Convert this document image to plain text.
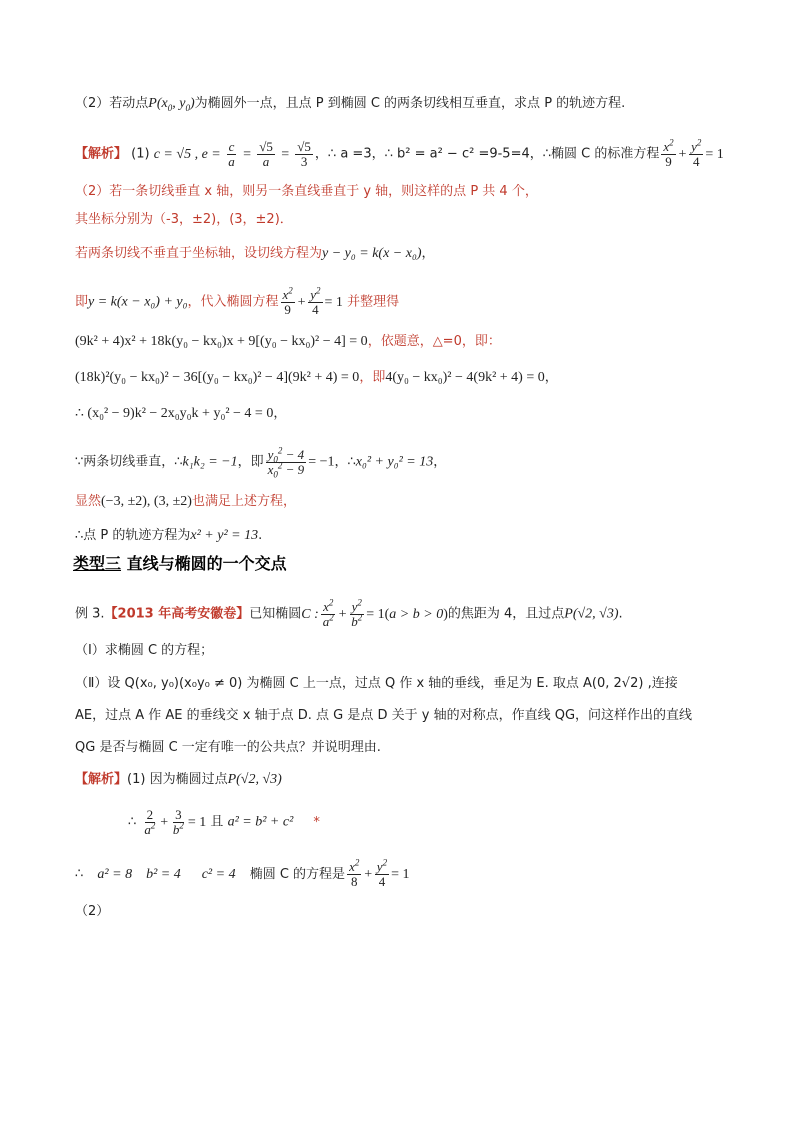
（2）若动点$P(x_0$, $y_0$)为椭圆外一点，且点 P 到椭圆 C 的两条切线相互垂直，求点 P 的轨迹方程.
【解析】 (1) c = √5 , $e = \frac{c}{a} = \frac{√5}{a} = \frac{√5}{3}$ ，∴ a =3，∴ b² = a² − c² =9-5=4，∴椭圆 C 的标准方程 $\frac{x^2}{9} + \frac{y^2}{4} = 1$
（2）若一条切线垂直 x 轴，则另一条直线垂直于 y 轴，则这样的点 P 共 4 个，
其坐标分别为（-3，±2)，(3，±2)．
若两条切线不垂直于坐标轴，设切线方程为y − y₀ = k(x − x₀)，
即y = k(x − x₀) + y₀，代入椭圆方程 $\frac{x^2}{9} + \frac{y^2}{4} = 1$ 并整理得
(9k² + 4)x² + 18k(y₀ − kx₀)x + 9[(y₀ − kx₀)² − 4] = 0，依题意，△=0，即：
(18k)²(y₀ − kx₀)² − 36[(y₀ − kx₀)² − 4](9k² + 4) = 0，即4(y₀ − kx₀)² − 4(9k² + 4) = 0，
∴ (x₀² − 9)k² − 2x₀y₀k + y₀² − 4 = 0，
∵两条切线垂直，∴k₁k₂ = −1，即 $\frac{y_0^2 - 4}{x_0^2 - 9} = -1$，∴x₀² + y₀² = 13，
显然(−3, ±2), (3, ±2)也满足上述方程，
∴点 P 的轨迹方程为x² + y² = 13.
类型三 直线与椭圆的一个交点
例 3.【2013 年高考安徽卷】已知椭圆C : $\frac{x^2}{a^2} + \frac{y^2}{b^2} = 1(a > b > 0)$的焦距为 4，且过点P(√2, √3).
（Ⅰ）求椭圆 C 的方程；
（Ⅱ）设 Q(x₀, y₀)(x₀y₀ ≠ 0) 为椭圆 C 上一点，过点 Q 作 x 轴的垂线，垂足为 E. 取点 A(0, 2√2) ,连接
AE，过点 A 作 AE 的垂线交 x 轴于点 D. 点 G 是点 D 关于 y 轴的对称点，作直线 QG，问这样作出的直线
QG 是否与椭圆 C 一定有唯一的公共点？并说明理由.
【解析】(1) 因为椭圆过点P(√2, √3)
∴ $\frac{2}{a^2} + \frac{3}{b^2} = 1$ 且 a² = b² + c² *
∴ a² = 8    b² = 4      c² = 4 椭圆 C 的方程是 $\frac{x^2}{8} + \frac{y^2}{4} = 1$
（2）
